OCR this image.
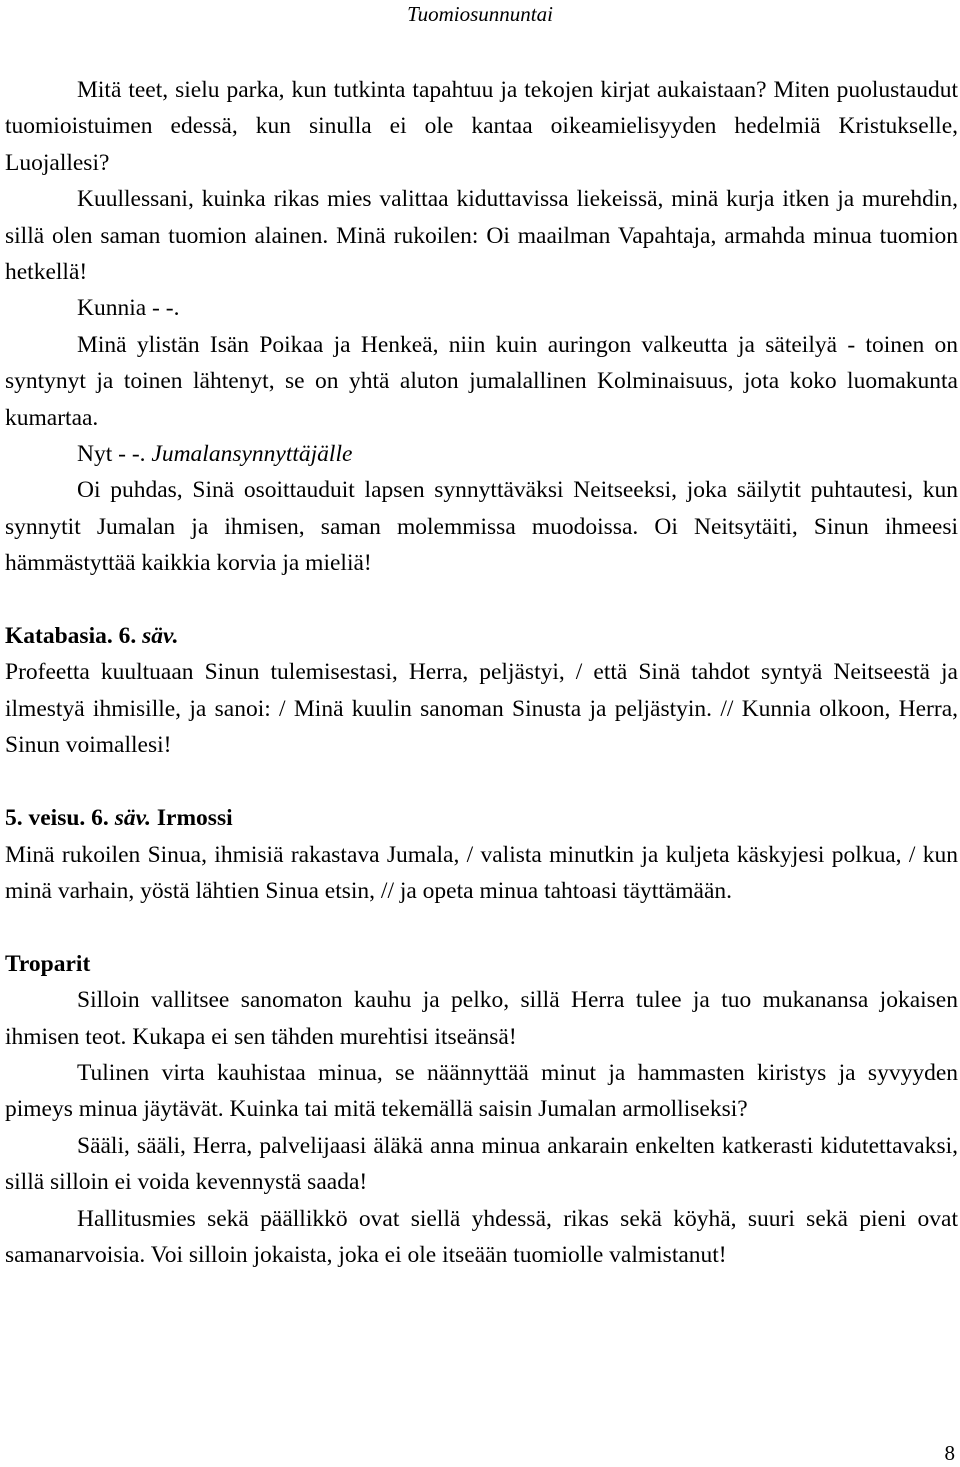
Tuomiosunnuntai

Mitä teet, sielu parka, kun tutkinta tapahtuu ja tekojen kirjat aukaistaan? Miten puolustaudut tuomioistuimen edessä, kun sinulla ei ole kantaa oikeamielisyyden hedelmiä Kristukselle, Luojallesi?

Kuullessani, kuinka rikas mies valittaa kiduttavissa liekeissä, minä kurja itken ja murehdin, sillä olen saman tuomion alainen. Minä rukoilen: Oi maailman Vapahtaja, armahda minua tuomion hetkellä!

Kunnia - -.

Minä ylistän Isän Poikaa ja Henkeä, niin kuin auringon valkeutta ja säteilyä - toinen on syntynyt ja toinen lähtenyt, se on yhtä aluton jumalallinen Kolminaisuus, jota koko luomakunta kumartaa.

Nyt - -. Jumalansynnyttäjälle

Oi puhdas, Sinä osoittauduit lapsen synnyttäväksi Neitseeksi, joka säilytit puhtautesi, kun synnytit Jumalan ja ihmisen, saman molemmissa muodoissa. Oi Neitsytäiti, Sinun ihmeesi hämmästyttää kaikkia korvia ja mieliä!

Katabasia. 6. säv.

Profeetta kuultuaan Sinun tulemisestasi, Herra, peljästyi, / että Sinä tahdot syntyä Neitseestä ja ilmestyä ihmisille, ja sanoi: / Minä kuulin sanoman Sinusta ja peljästyin. // Kunnia olkoon, Herra, Sinun voimallesi!

5. veisu. 6. säv. Irmossi

Minä rukoilen Sinua, ihmisiä rakastava Jumala, / valista minutkin ja kuljeta käskyjesi polkua, / kun minä varhain, yöstä lähtien Sinua etsin, // ja opeta minua tahtoasi täyttämään.

Troparit

Silloin vallitsee sanomaton kauhu ja pelko, sillä Herra tulee ja tuo mukanansa jokaisen ihmisen teot. Kukapa ei sen tähden murehtisi itseänsä!

Tulinen virta kauhistaa minua, se näännyttää minut ja hammasten kiristys ja syvyyden pimeys minua jäytävät. Kuinka tai mitä tekemällä saisin Jumalan armolliseksi?

Sääli, sääli, Herra, palvelijaasi äläkä anna minua ankarain enkelten katkerasti kidutettavaksi, sillä silloin ei voida kevennystä saada!

Hallitusmies sekä päällikkö ovat siellä yhdessä, rikas sekä köyhä, suuri sekä pieni ovat samanarvoisia. Voi silloin jokaista, joka ei ole itseään tuomiolle valmistanut!

8
